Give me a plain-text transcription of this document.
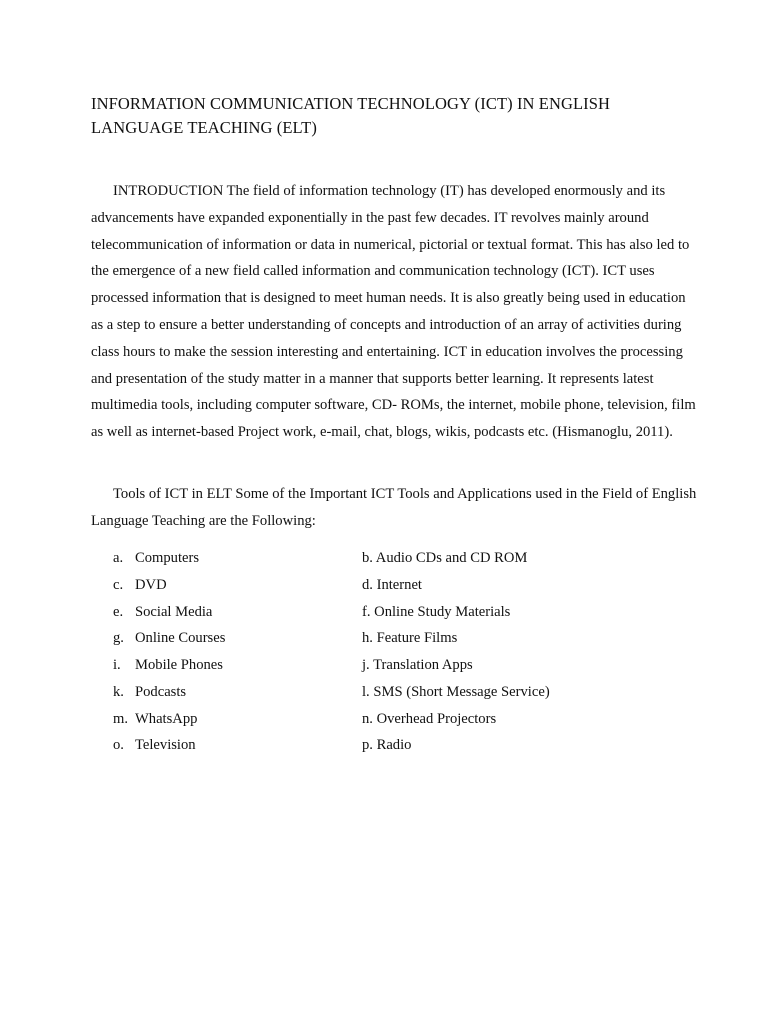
INFORMATION COMMUNICATION TECHNOLOGY (ICT) IN ENGLISH LANGUAGE TEACHING (ELT)

INTRODUCTION The field of information technology (IT) has developed enormously and its advancements have expanded exponentially in the past few decades. IT revolves mainly around telecommunication of information or data in numerical, pictorial or textual format. This has also led to the emergence of a new field called information and communication technology (ICT). ICT uses processed information that is designed to meet human needs. It is also greatly being used in education as a step to ensure a better understanding of concepts and introduction of an array of activities during class hours to make the session interesting and entertaining. ICT in education involves the processing and presentation of the study matter in a manner that supports better learning. It represents latest multimedia tools, including computer software, CD- ROMs, the internet, mobile phone, television, film as well as internet-based Project work, e-mail, chat, blogs, wikis, podcasts etc. (Hismanoglu, 2011).

Tools of ICT in ELT Some of the Important ICT Tools and Applications used in the Field of English Language Teaching are the Following:

a. Computers	b. Audio CDs and CD ROM
c. DVD	d. Internet
e. Social Media	f. Online Study Materials
g. Online Courses	h. Feature Films
i. Mobile Phones	j. Translation Apps
k. Podcasts	l. SMS (Short Message Service)
m. WhatsApp	n. Overhead Projectors
o. Television	p. Radio
